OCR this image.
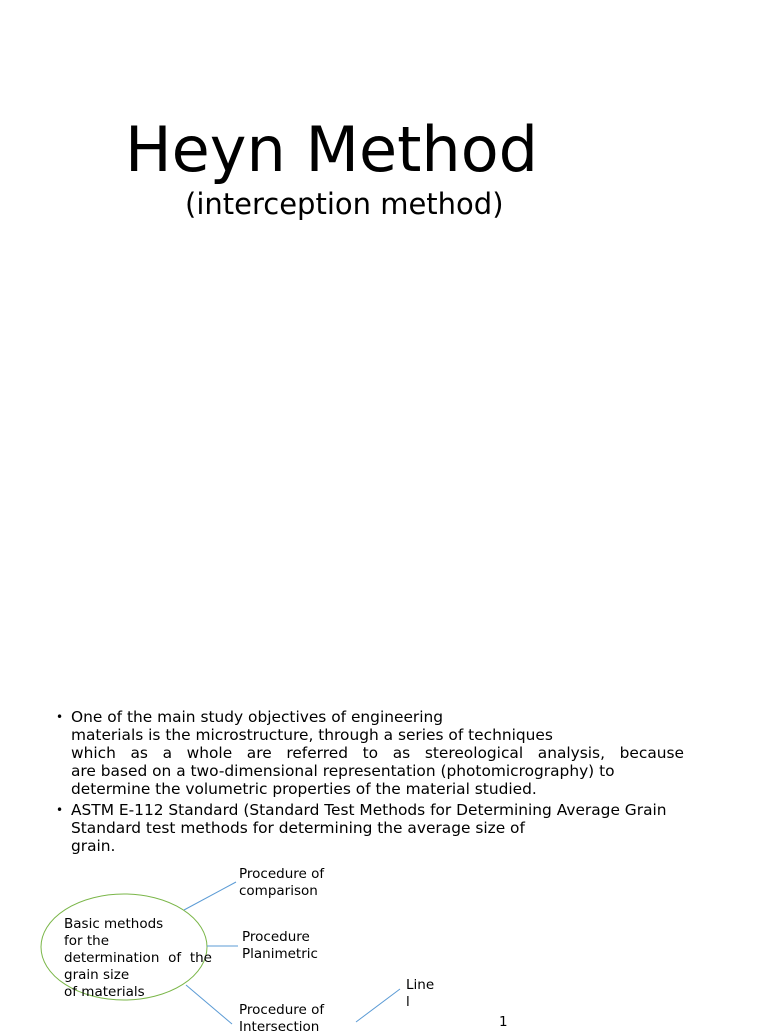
Heyn Method
(interception method)
• One of the main study objectives of engineering
materials is the microstructure, through a series of techniques
which as a whole are referred to as stereological analysis, because
are based on a two-dimensional representation (photomicrography) to
determine the volumetric properties of the material studied.
• ASTM E-112 Standard (Standard Test Methods for Determining Average Grain
Standard test methods for determining the average size of
grain.
Basic methods
for the
determination of the
grain size
of materials
Procedure of
comparison
Procedure
Planimetric
Procedure of
Intersection
Line
l
1
